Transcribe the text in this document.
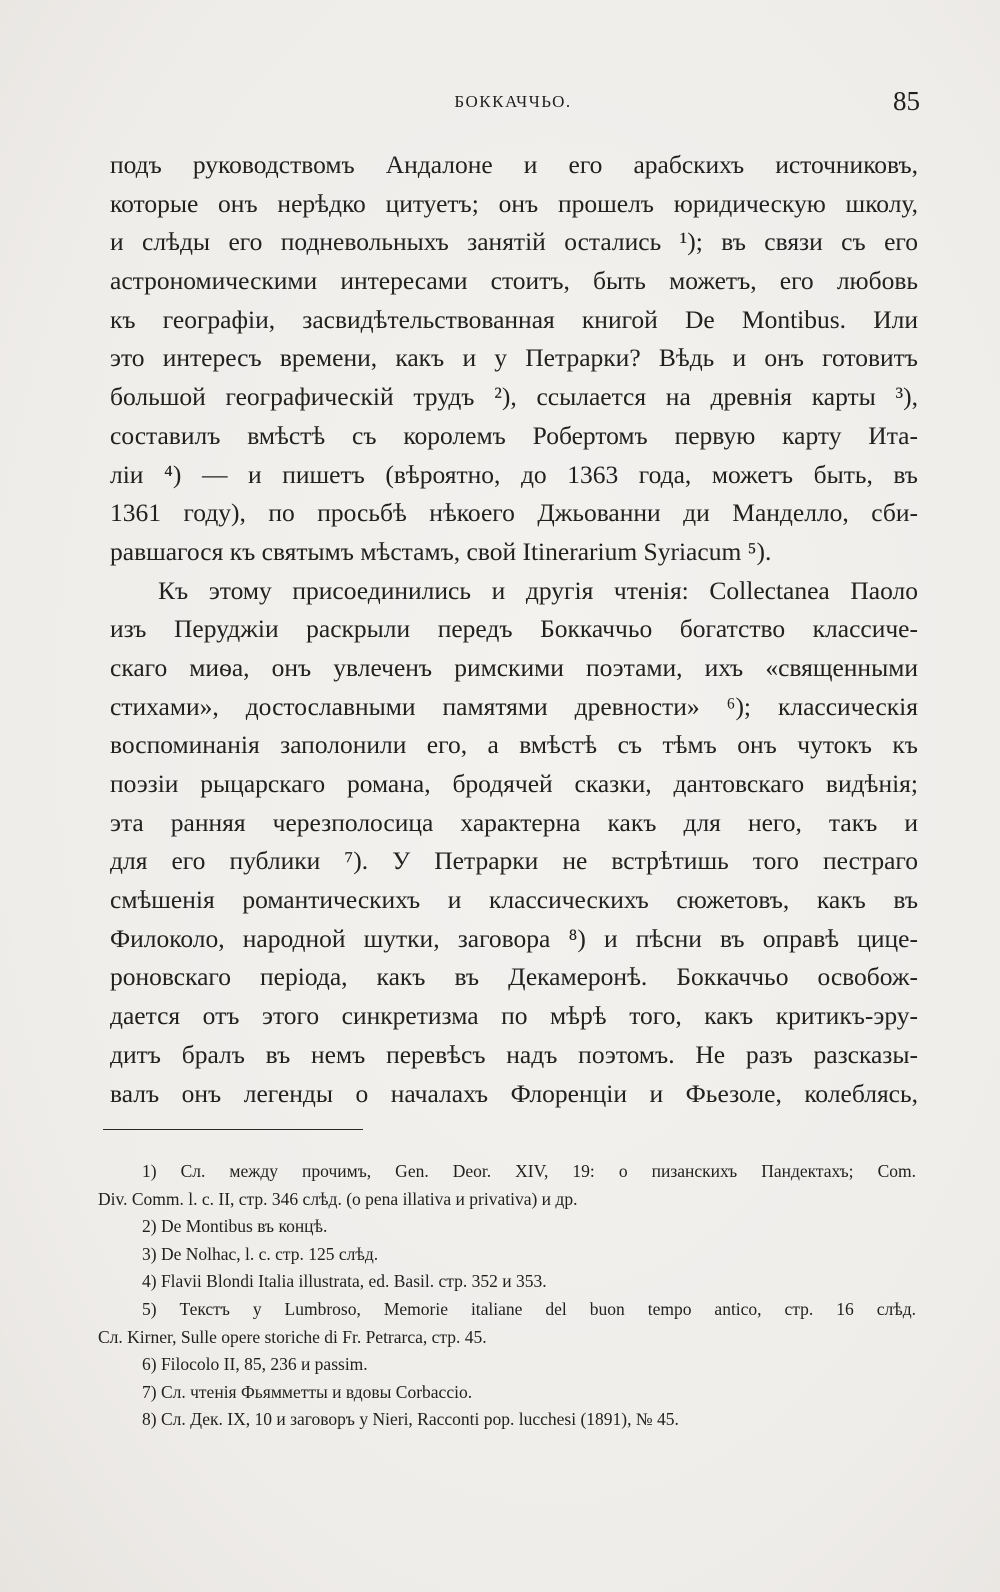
БОККАЧЧЬО.	85
подъ руководствомъ Андалоне и его арабскихъ источниковъ,
которые онъ нерѣдко цитуетъ; онъ прошелъ юридическую школу,
и слѣды его подневольныхъ занятій остались ¹); въ связи съ его
астрономическими интересами стоитъ, быть можетъ, его любовь
къ географіи, засвидѣтельствованная книгой De Montibus. Или
это интересъ времени, какъ и у Петрарки? Вѣдь и онъ готовитъ
большой географическій трудъ ²), ссылается на древнія карты ³),
составилъ вмѣстѣ съ королемъ Робертомъ первую карту Ита-
ліи ⁴) — и пишетъ (вѣроятно, до 1363 года, можетъ быть, въ
1361 году), по просьбѣ нѣкоего Джьованни ди Манделло, сби-
равшагося къ святымъ мѣстамъ, свой Itinerarium Syriacum ⁵).
Къ этому присоединились и другія чтенія: Collectanea Паоло
изъ Перуджіи раскрыли передъ Боккаччьо богатство классиче-
скаго миѳа, онъ увлеченъ римскими поэтами, ихъ «священными
стихами», достославными памятями древности» ⁶); классическія
воспоминанія заполонили его, а вмѣстѣ съ тѣмъ онъ чутокъ къ
поэзіи рыцарскаго романа, бродячей сказки, дантовскаго видѣнія;
эта ранняя черезполосица характерна какъ для него, такъ и
для его публики ⁷). У Петрарки не встрѣтишь того пестраго
смѣшенія романтическихъ и классическихъ сюжетовъ, какъ въ
Филоколо, народной шутки, заговора ⁸) и пѣсни въ оправѣ цице-
роновскаго періода, какъ въ Декамеронѣ. Боккаччьо освобож-
дается отъ этого синкретизма по мѣрѣ того, какъ критикъ-эру-
дитъ бралъ въ немъ перевѣсъ надъ поэтомъ. Не разъ разсказы-
валъ онъ легенды о началахъ Флоренціи и Фьезоле, колеблясь,
1) Сл. между прочимъ, Gen. Deor. XIV, 19: о пизанскихъ Пандектахъ; Com.
Div. Comm. l. c. II, стр. 346 слѣд. (о pena illativa и privativa) и др.
2) De Montibus въ концѣ.
3) De Nolhac, l. c. стр. 125 слѣд.
4) Flavii Blondi Italia illustrata, ed. Basil. стр. 352 и 353.
5) Текстъ у Lumbroso, Memorie italiane del buon tempo antico, стр. 16 слѣд.
Сл. Kirner, Sulle opere storiche di Fr. Petrarca, стр. 45.
6) Filocolo II, 85, 236 и passim.
7) Сл. чтенія Фьямметты и вдовы Corbaccio.
8) Сл. Дек. IX, 10 и заговоръ у Nieri, Racconti pop. lucchesi (1891), № 45.
